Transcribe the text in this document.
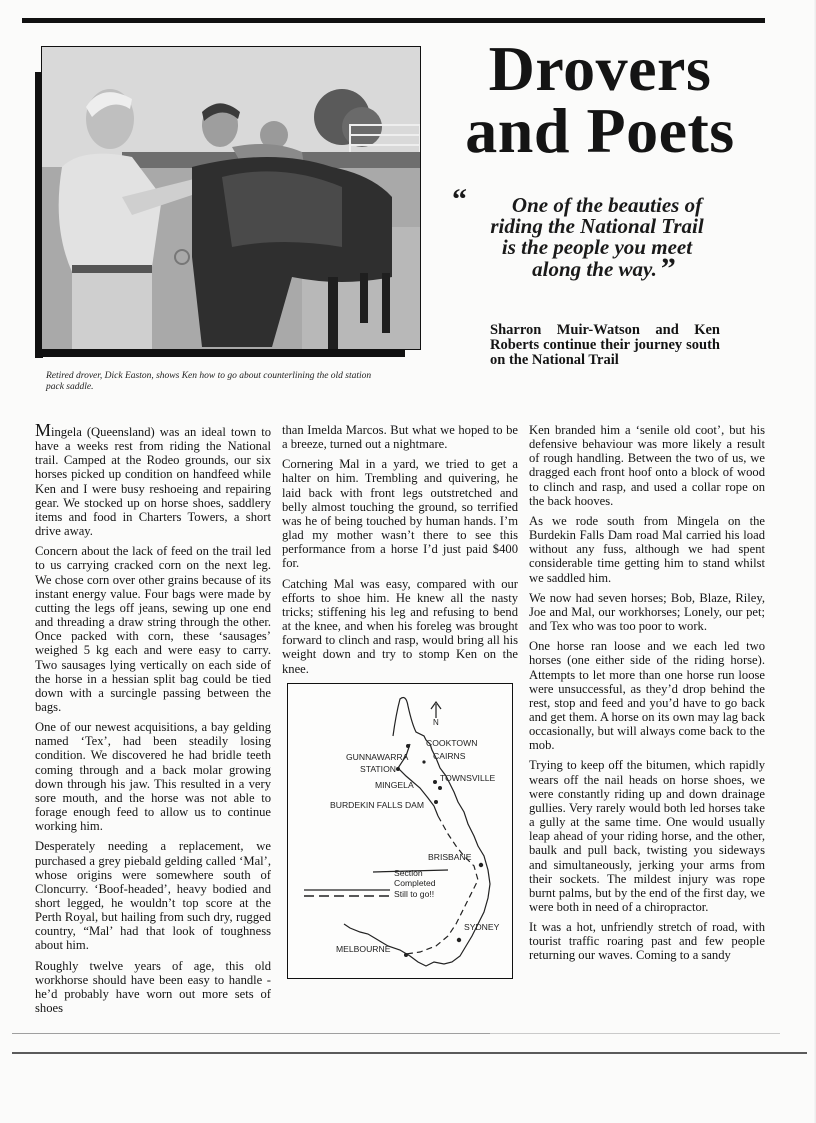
Retired drover, Dick Easton, shows Ken how to go about counterlining the old station pack saddle.
Drovers
and Poets
“	One of the beauties of
riding the National Trail
is the people you meet
along the way. ”
Sharron Muir-Watson and Ken Roberts continue their journey south on the National Trail

Mingela (Queensland) was an ideal town to have a weeks rest from riding the National trail. Camped at the Rodeo grounds, our six horses picked up condition on handfeed while Ken and I were busy reshoeing and repairing gear. We stocked up on horse shoes, saddlery items and food in Charters Towers, a short drive away.

Concern about the lack of feed on the trail led to us carrying cracked corn on the next leg. We chose corn over other grains because of its instant energy value. Four bags were made by cutting the legs off jeans, sewing up one end and threading a draw string through the other. Once packed with corn, these ‘sausages’ weighed 5 kg each and were easy to carry. Two sausages lying vertically on each side of the horse in a hessian split bag could be tied down with a surcingle passing between the bags.

One of our newest acquisitions, a bay gelding named ‘Tex’, had been steadily losing condition. We discovered he had bridle teeth coming through and a back molar growing down through his jaw. This resulted in a very sore mouth, and the horse was not able to forage enough feed to allow us to continue working him.

Desperately needing a replacement, we purchased a grey piebald gelding called ‘Mal’, whose origins were somewhere south of Cloncurry. ‘Boof-headed’, heavy bodied and short legged, he wouldn’t top score at the Perth Royal, but hailing from such dry, rugged country, “Mal’ had that look of toughness about him.

Roughly twelve years of age, this old workhorse should have been easy to handle - he’d probably have worn out more sets of shoes

than Imelda Marcos. But what we hoped to be a breeze, turned out a nightmare.

Cornering Mal in a yard, we tried to get a halter on him. Trembling and quivering, he laid back with front legs outstretched and belly almost touching the ground, so terrified was he of being touched by human hands. I’m glad my mother wasn’t there to see this performance from a horse I’d just paid $400 for.

Catching Mal was easy, compared with our efforts to shoe him. He knew all the nasty tricks; stiffening his leg and refusing to bend at the knee, and when his foreleg was brought forward to clinch and rasp, would bring all his weight down and try to stomp Ken on the knee.

N
COOKTOWN
CAIRNS
GUNNAWARRA
STATION
TOWNSVILLE
MINGELA
BURDEKIN FALLS DAM
BRISBANE
Section
Completed
Still to go!!
SYDNEY
MELBOURNE

Ken branded him a ‘senile old coot’, but his defensive behaviour was more likely a result of rough handling. Between the two of us, we dragged each front hoof onto a block of wood to clinch and rasp, and used a collar rope on the back hooves.

As we rode south from Mingela on the Burdekin Falls Dam road Mal carried his load without any fuss, although we had spent considerable time getting him to stand whilst we saddled him.

We now had seven horses; Bob, Blaze, Riley, Joe and Mal, our workhorses; Lonely, our pet; and Tex who was too poor to work.

One horse ran loose and we each led two horses (one either side of the riding horse). Attempts to let more than one horse run loose were unsuccessful, as they’d drop behind the rest, stop and feed and you’d have to go back and get them. A horse on its own may lag back occasionally, but will always come back to the mob.

Trying to keep off the bitumen, which rapidly wears off the nail heads on horse shoes, we were constantly riding up and down drainage gullies. Very rarely would both led horses take a gully at the same time. One would usually leap ahead of your riding horse, and the other, baulk and pull back, twisting you sideways and simultaneously, jerking your arms from their sockets. The mildest injury was rope burnt palms, but by the end of the first day, we were both in need of a chiropractor.

It was a hot, unfriendly stretch of road, with tourist traffic roaring past and few people returning our waves. Coming to a sandy
